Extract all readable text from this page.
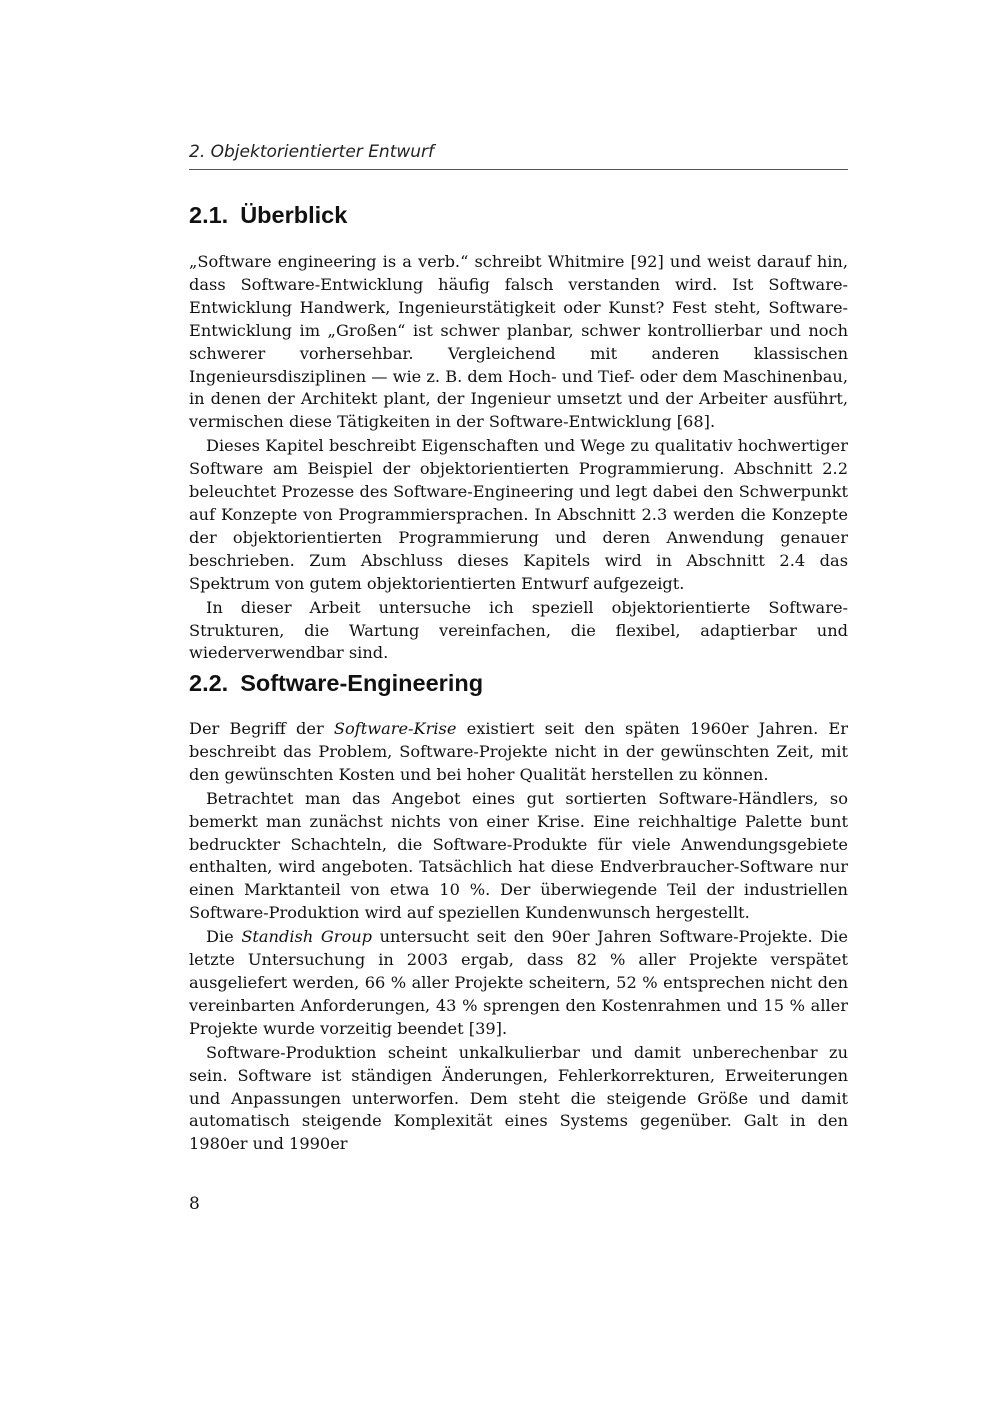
2. Objektorientierter Entwurf
2.1. Überblick

„Software engineering is a verb.“ schreibt Whitmire [92] und weist darauf hin, dass Software-Entwicklung häufig falsch verstanden wird. Ist Software-Entwicklung Handwerk, Ingenieurstätigkeit oder Kunst? Fest steht, Software-Entwicklung im „Großen“ ist schwer planbar, schwer kontrollierbar und noch schwerer vorhersehbar. Vergleichend mit anderen klassischen Ingenieursdisziplinen — wie z. B. dem Hoch- und Tief- oder dem Maschinenbau, in denen der Architekt plant, der Ingenieur umsetzt und der Arbeiter ausführt, vermischen diese Tätigkeiten in der Software-Entwicklung [68].

Dieses Kapitel beschreibt Eigenschaften und Wege zu qualitativ hochwertiger Software am Beispiel der objektorientierten Programmierung. Abschnitt 2.2 beleuchtet Prozesse des Software-Engineering und legt dabei den Schwerpunkt auf Konzepte von Programmiersprachen. In Abschnitt 2.3 werden die Konzepte der objektorientierten Programmierung und deren Anwendung genauer beschrieben. Zum Abschluss dieses Kapitels wird in Abschnitt 2.4 das Spektrum von gutem objektorientierten Entwurf aufgezeigt.

In dieser Arbeit untersuche ich speziell objektorientierte Software-Strukturen, die Wartung vereinfachen, die flexibel, adaptierbar und wiederverwendbar sind.

2.2. Software-Engineering

Der Begriff der Software-Krise existiert seit den späten 1960er Jahren. Er beschreibt das Problem, Software-Projekte nicht in der gewünschten Zeit, mit den gewünschten Kosten und bei hoher Qualität herstellen zu können.

Betrachtet man das Angebot eines gut sortierten Software-Händlers, so bemerkt man zunächst nichts von einer Krise. Eine reichhaltige Palette bunt bedruckter Schachteln, die Software-Produkte für viele Anwendungsgebiete enthalten, wird angeboten. Tatsächlich hat diese Endverbraucher-Software nur einen Marktanteil von etwa 10 %. Der überwiegende Teil der industriellen Software-Produktion wird auf speziellen Kundenwunsch hergestellt.

Die Standish Group untersucht seit den 90er Jahren Software-Projekte. Die letzte Untersuchung in 2003 ergab, dass 82 % aller Projekte verspätet ausgeliefert werden, 66 % aller Projekte scheitern, 52 % entsprechen nicht den vereinbarten Anforderungen, 43 % sprengen den Kostenrahmen und 15 % aller Projekte wurde vorzeitig beendet [39].

Software-Produktion scheint unkalkulierbar und damit unberechenbar zu sein. Software ist ständigen Änderungen, Fehlerkorrekturen, Erweiterungen und Anpassungen unterworfen. Dem steht die steigende Größe und damit automatisch steigende Komplexität eines Systems gegenüber. Galt in den 1980er und 1990er

8
